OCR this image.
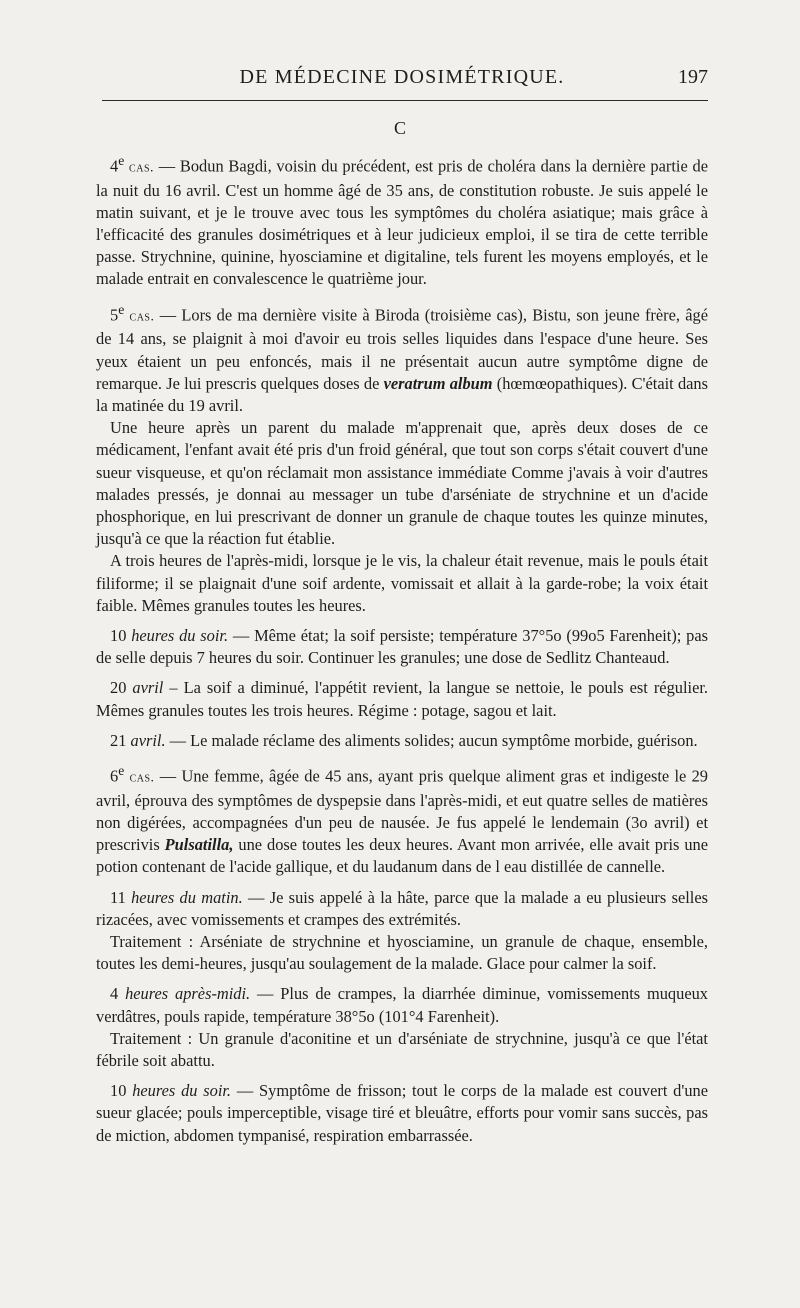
DE MÉDECINE DOSIMÉTRIQUE.	197
C

4e cas. — Bodun Bagdi, voisin du précédent, est pris de choléra dans la dernière partie de la nuit du 16 avril. C'est un homme âgé de 35 ans, de constitution robuste. Je suis appelé le matin suivant, et je le trouve avec tous les symptômes du choléra asiatique; mais grâce à l'efficacité des granules dosimétriques et à leur judicieux emploi, il se tira de cette terrible passe. Strychnine, quinine, hyosciamine et digitaline, tels furent les moyens employés, et le malade entrait en convalescence le quatrième jour.

5e cas. — Lors de ma dernière visite à Biroda (troisième cas), Bistu, son jeune frère, âgé de 14 ans, se plaignit à moi d'avoir eu trois selles liquides dans l'espace d'une heure. Ses yeux étaient un peu enfoncés, mais il ne présentait aucun autre symptôme digne de remarque. Je lui prescris quelques doses de veratrum album (hœmœopathiques). C'était dans la matinée du 19 avril.

Une heure après un parent du malade m'apprenait que, après deux doses de ce médicament, l'enfant avait été pris d'un froid général, que tout son corps s'était couvert d'une sueur visqueuse, et qu'on réclamait mon assistance immédiate Comme j'avais à voir d'autres malades pressés, je donnai au messager un tube d'arséniate de strychnine et un d'acide phosphorique, en lui prescrivant de donner un granule de chaque toutes les quinze minutes, jusqu'à ce que la réaction fut établie.

A trois heures de l'après-midi, lorsque je le vis, la chaleur était revenue, mais le pouls était filiforme; il se plaignait d'une soif ardente, vomissait et allait à la garde-robe; la voix était faible. Mêmes granules toutes les heures.

10 heures du soir. — Même état; la soif persiste; température 37°5o (99o5 Farenheit); pas de selle depuis 7 heures du soir. Continuer les granules; une dose de Sedlitz Chanteaud.

20 avril – La soif a diminué, l'appétit revient, la langue se nettoie, le pouls est régulier. Mêmes granules toutes les trois heures. Régime : potage, sagou et lait.

21 avril. — Le malade réclame des aliments solides; aucun symptôme morbide, guérison.

6e cas. — Une femme, âgée de 45 ans, ayant pris quelque aliment gras et indigeste le 29 avril, éprouva des symptômes de dyspepsie dans l'après-midi, et eut quatre selles de matières non digérées, accompagnées d'un peu de nausée. Je fus appelé le lendemain (3o avril) et prescrivis Pulsatilla, une dose toutes les deux heures. Avant mon arrivée, elle avait pris une potion contenant de l'acide gallique, et du laudanum dans de l eau distillée de cannelle.

11 heures du matin. — Je suis appelé à la hâte, parce que la malade a eu plusieurs selles rizacées, avec vomissements et crampes des extrémités.

Traitement : Arséniate de strychnine et hyosciamine, un granule de chaque, ensemble, toutes les demi-heures, jusqu'au soulagement de la malade. Glace pour calmer la soif.

4 heures après-midi. — Plus de crampes, la diarrhée diminue, vomissements muqueux verdâtres, pouls rapide, température 38°5o (101°4 Farenheit).

Traitement : Un granule d'aconitine et un d'arséniate de strychnine, jusqu'à ce que l'état fébrile soit abattu.

10 heures du soir. — Symptôme de frisson; tout le corps de la malade est couvert d'une sueur glacée; pouls imperceptible, visage tiré et bleuâtre, efforts pour vomir sans succès, pas de miction, abdomen tympanisé, respiration embarrassée.
